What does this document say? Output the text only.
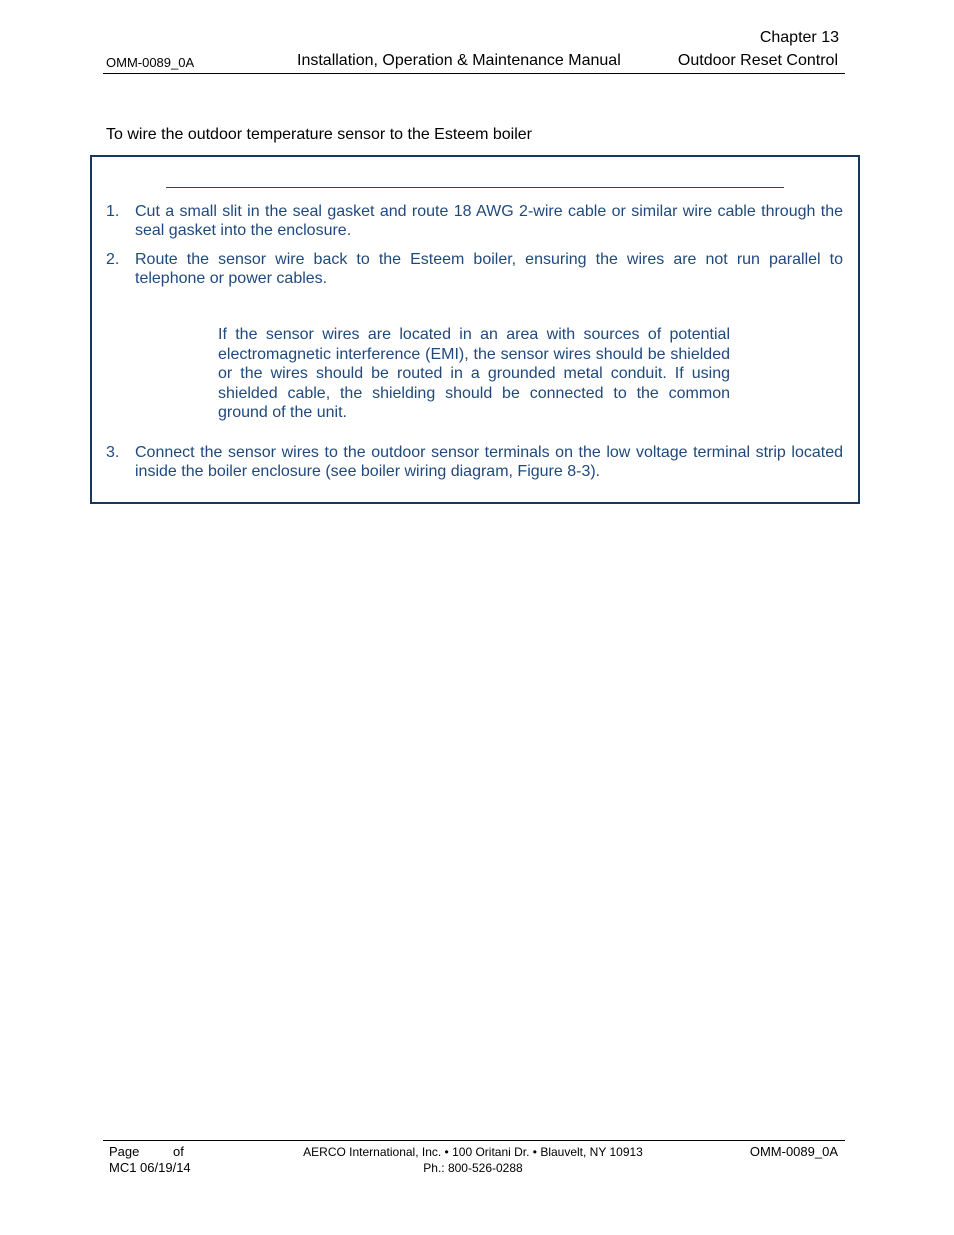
Chapter 13
OMM-0089_0A	Installation, Operation & Maintenance Manual	Outdoor Reset Control
To wire the outdoor temperature sensor to the Esteem boiler
1. Cut a small slit in the seal gasket and route 18 AWG 2-wire cable or similar wire cable through the seal gasket into the enclosure.
2. Route the sensor wire back to the Esteem boiler, ensuring the wires are not run parallel to telephone or power cables.
If the sensor wires are located in an area with sources of potential electromagnetic interference (EMI), the sensor wires should be shielded or the wires should be routed in a grounded metal conduit. If using shielded cable, the shielding should be connected to the common ground of the unit.
3. Connect the sensor wires to the outdoor sensor terminals on the low voltage terminal strip located inside the boiler enclosure (see boiler wiring diagram, Figure 8-3).
Page	of
MC1 06/19/14
AERCO International, Inc. • 100 Oritani Dr. • Blauvelt, NY 10913
Ph.: 800-526-0288
OMM-0089_0A
